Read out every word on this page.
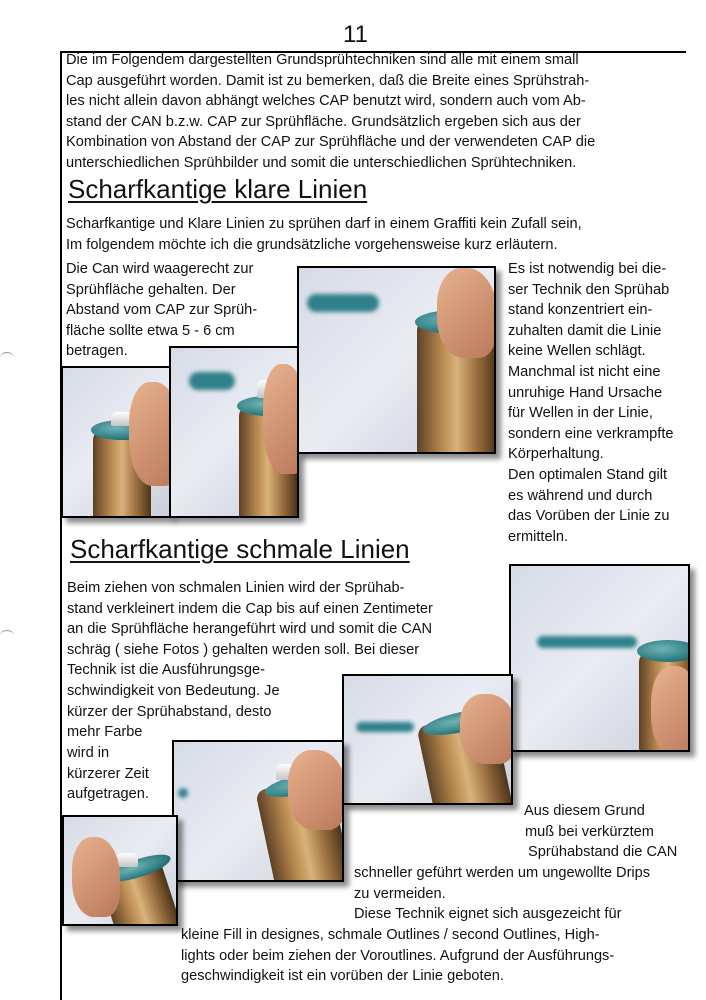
11

Die im Folgendem dargestellten Grundsprühtechniken sind alle mit einem small

Cap ausgeführt worden. Damit ist zu bemerken, daß die Breite eines Sprühstrah-

les nicht allein davon abhängt welches CAP benutzt wird, sondern auch vom Ab-

stand der CAN b.z.w. CAP zur Sprühfläche. Grundsätzlich ergeben sich aus der

Kombination von Abstand der CAP zur Sprühfläche und der verwendeten CAP die

unterschiedlichen Sprühbilder und somit die unterschiedlichen Sprühtechniken.

Scharfkantige klare Linien

Scharfkantige und Klare Linien zu sprühen darf in einem Graffiti kein Zufall sein,

Im folgendem möchte ich die grundsätzliche vorgehensweise kurz erläutern.

Die Can wird waagerecht zur

Sprühfläche gehalten. Der

Abstand vom CAP zur Sprüh-

fläche sollte etwa 5 - 6 cm

betragen.

Es ist notwendig bei die-

ser Technik den Sprühab

stand konzentriert ein-

zuhalten damit die Linie

keine Wellen schlägt.

Manchmal ist nicht eine

unruhige Hand Ursache

für Wellen in der Linie,

sondern eine verkrampfte

Körperhaltung.

Den optimalen Stand gilt

es während und durch

das Vorüben der Linie zu

ermitteln.

Scharfkantige schmale Linien

Beim ziehen von schmalen Linien wird der Sprühab-

stand verkleinert indem die Cap bis auf einen Zentimeter

an die Sprühfläche herangeführt wird und somit die CAN

schräg ( siehe Fotos ) gehalten werden soll. Bei dieser

Technik ist die Ausführungsge-

schwindigkeit von Bedeutung. Je

kürzer der Sprühabstand, desto

mehr Farbe

wird in

kürzerer Zeit

aufgetragen.

Aus diesem Grund

muß bei verkürztem

Sprühabstand die CAN

schneller geführt werden um ungewollte Drips

zu vermeiden.

Diese Technik eignet sich ausgezeicht für

kleine Fill in designes, schmale Outlines / second Outlines, High-

lights oder beim ziehen der Voroutlines. Aufgrund der Ausführungs-

geschwindigkeit ist ein vorüben der Linie geboten.
